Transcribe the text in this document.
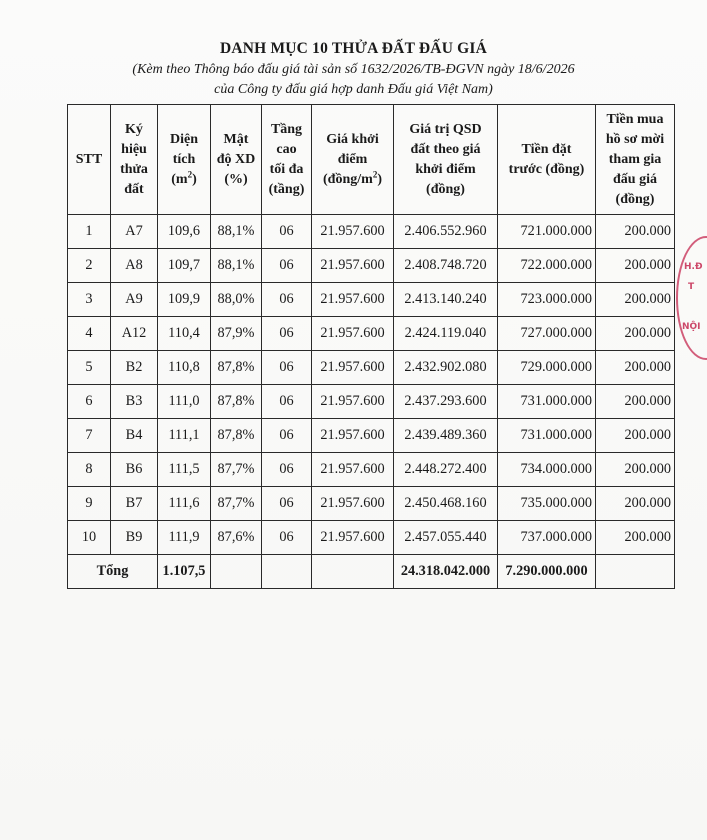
DANH MỤC 10 THỬA ĐẤT ĐẤU GIÁ
(Kèm theo Thông báo đấu giá tài sản số 1632/2026/TB-ĐGVN ngày 18/6/2026
của Công ty đấu giá hợp danh Đấu giá Việt Nam)
STT	Ký
hiệu
thửa
đất	Diện
tích
$(m^2)$	Mật
độ XD
(%)	Tầng
cao
tối đa
(tầng)	Giá khởi
điểm
$(đồng/m^2)$	Giá trị QSD
đất theo giá
khởi điểm
(đồng)	Tiền đặt
trước (đồng)	Tiền mua
hồ sơ mời
tham gia
đấu giá
(đồng)

1	A7	109,6	88,1%	06	21.957.600	2.406.552.960	721.000.000	200.000
2	A8	109,7	88,1%	06	21.957.600	2.408.748.720	722.000.000	200.000
3	A9	109,9	88,0%	06	21.957.600	2.413.140.240	723.000.000	200.000
4	A12	110,4	87,9%	06	21.957.600	2.424.119.040	727.000.000	200.000
5	B2	110,8	87,8%	06	21.957.600	2.432.902.080	729.000.000	200.000
6	B3	111,0	87,8%	06	21.957.600	2.437.293.600	731.000.000	200.000
7	B4	111,1	87,8%	06	21.957.600	2.439.489.360	731.000.000	200.000
8	B6	111,5	87,7%	06	21.957.600	2.448.272.400	734.000.000	200.000
9	B7	111,6	87,7%	06	21.957.600	2.450.468.160	735.000.000	200.000
10	B9	111,9	87,6%	06	21.957.600	2.457.055.440	737.000.000	200.000
Tổng		1.107,5				24.318.042.000	7.290.000.000	
H.Đ
T
NỘI
